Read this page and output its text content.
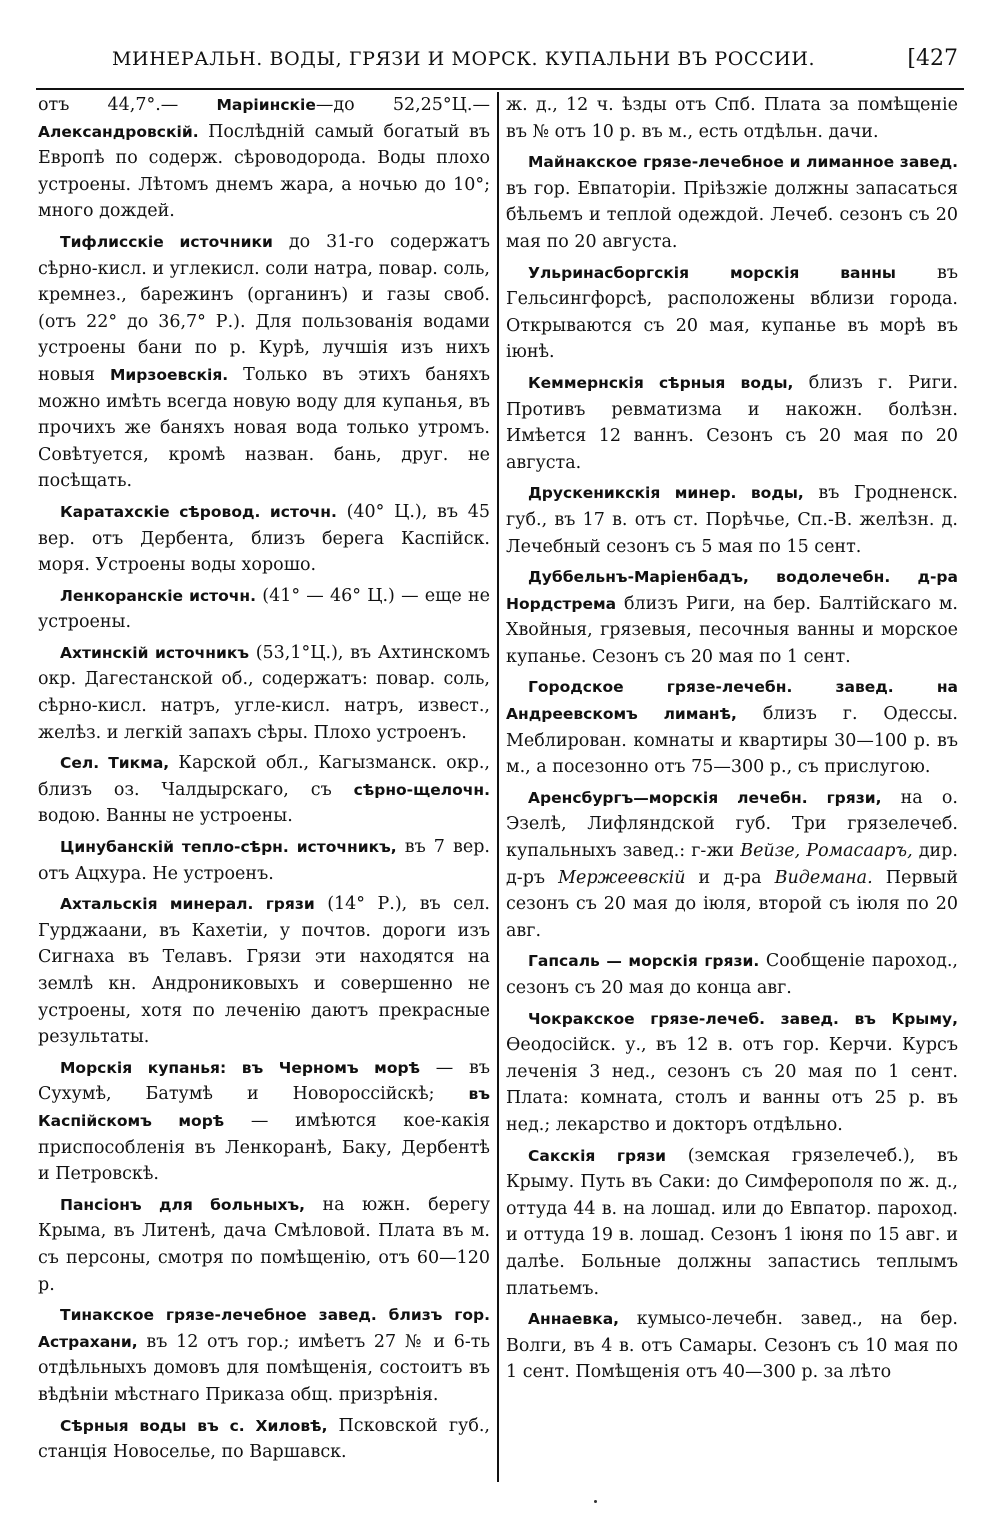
МИНЕРАЛЬН. ВОДЫ, ГРЯЗИ И МОРСК. КУПАЛЬНИ ВЪ РОССИИ.	[427

отъ 44,7°.— Маріинскіе—до 52,25°Ц.— Александровскій. Послѣдній самый богатый въ Европѣ по содерж. сѣроводорода. Воды плохо устроены. Лѣтомъ днемъ жара, а ночью до 10°; много дождей.

Тифлисскіе источники до 31-го содержатъ сѣрно-кисл. и углекисл. соли натра, повар. соль, кремнез., барежинъ (органинъ) и газы своб. (отъ 22° до 36,7° Р.). Для пользованія водами устроены бани по р. Курѣ, лучшія изъ нихъ новыя Мирзоевскія. Только въ этихъ баняхъ можно имѣть всегда новую воду для купанья, въ прочихъ же баняхъ новая вода только утромъ. Совѣтуется, кромѣ назван. бань, друг. не посѣщать.

Каратахскіе сѣровод. источн. (40° Ц.), въ 45 вер. отъ Дербента, близъ берега Каспійск. моря. Устроены воды хорошо.

Ленкоранскіе источн. (41° — 46° Ц.) — еще не устроены.

Ахтинскій источникъ (53,1°Ц.), въ Ахтинскомъ окр. Дагестанской об., содержатъ: повар. соль, сѣрно-кисл. натръ, угле-кисл. натръ, извест., желѣз. и легкій запахъ сѣры. Плохо устроенъ.

Сел. Тикма, Карской обл., Кагызманск. окр., близъ оз. Чалдырскаго, съ сѣрно-щелочн. водою. Ванны не устроены.

Цинубанскій тепло-сѣрн. источникъ, въ 7 вер. отъ Ацхура. Не устроенъ.

Ахтальскія минерал. грязи (14° Р.), въ сел. Гурджаани, въ Кахетіи, у почтов. дороги изъ Сигнаха въ Телавъ. Грязи эти находятся на землѣ кн. Андрониковыхъ и совершенно не устроены, хотя по леченію даютъ прекрасные результаты.

Морскія купанья: въ Черномъ морѣ — въ Сухумѣ, Батумѣ и Новороссійскѣ; въ Каспійскомъ морѣ — имѣются кое-какія приспособленія въ Ленкоранѣ, Баку, Дербентѣ и Петровскѣ.

Пансіонъ для больныхъ, на южн. берегу Крыма, въ Литенѣ, дача Смѣловой. Плата въ м. съ персоны, смотря по помѣщенію, отъ 60—120 р.

Тинакское грязе-лечебное завед. близъ гор. Астрахани, въ 12 отъ гор.; имѣетъ 27 № и 6-ть отдѣльныхъ домовъ для помѣщенія, состоитъ въ вѣдѣніи мѣстнаго Приказа общ. призрѣнія.

Сѣрныя воды въ с. Хиловѣ, Псковской губ., станція Новоселье, по Варшавск.

ж. д., 12 ч. ѣзды отъ Спб. Плата за помѣщеніе въ № отъ 10 р. въ м., есть отдѣльн. дачи.

Майнакское грязе-лечебное и лиманное завед. въ гор. Евпаторіи. Пріѣзжіе должны запасаться бѣльемъ и теплой одеждой. Лечеб. сезонъ съ 20 мая по 20 августа.

Ульринасборгскія морскія ванны въ Гельсингфорсѣ, расположены вблизи города. Открываются съ 20 мая, купанье въ морѣ въ іюнѣ.

Кеммернскія сѣрныя воды, близъ г. Риги. Противъ ревматизма и накожн. болѣзн. Имѣется 12 ваннъ. Сезонъ съ 20 мая по 20 августа.

Друскеникскія минер. воды, въ Гродненск. губ., въ 17 в. отъ ст. Порѣчье, Сп.-В. желѣзн. д. Лечебный сезонъ съ 5 мая по 15 сент.

Дуббельнъ-Маріенбадъ, водолечебн. д-ра Нордстрема близъ Риги, на бер. Балтійскаго м. Хвойныя, грязевыя, песочныя ванны и морское купанье. Сезонъ съ 20 мая по 1 сент.

Городское грязе-лечебн. завед. на Андреевскомъ лиманѣ, близъ г. Одессы. Меблирован. комнаты и квартиры 30—100 р. въ м., а посезонно отъ 75—300 р., съ прислугою.

Аренсбургъ—морскія лечебн. грязи, на о. Эзелѣ, Лифляндской губ. Три грязелечеб. купальныхъ завед.: г-жи Вейзе, Ромасааръ, дир. д-ръ Мержеевскій и д-ра Видемана. Первый сезонъ съ 20 мая до іюля, второй съ іюля по 20 авг.

Гапсаль — морскія грязи. Сообщеніе пароход., сезонъ съ 20 мая до конца авг.

Чокракское грязе-лечеб. завед. въ Крыму, Ѳеодосійск. у., въ 12 в. отъ гор. Керчи. Курсъ леченія 3 нед., сезонъ съ 20 мая по 1 сент. Плата: комната, столъ и ванны отъ 25 р. въ нед.; лекарство и докторъ отдѣльно.

Сакскія грязи (земская грязелечеб.), въ Крыму. Путь въ Саки: до Симферополя по ж. д., оттуда 44 в. на лошад. или до Евпатор. пароход. и оттуда 19 в. лошад. Сезонъ 1 іюня по 15 авг. и далѣе. Больные должны запастись теплымъ платьемъ.

Аннаевка, кумысо-лечебн. завед., на бер. Волги, въ 4 в. отъ Самары. Сезонъ съ 10 мая по 1 сент. Помѣщенія отъ 40—300 р. за лѣто
